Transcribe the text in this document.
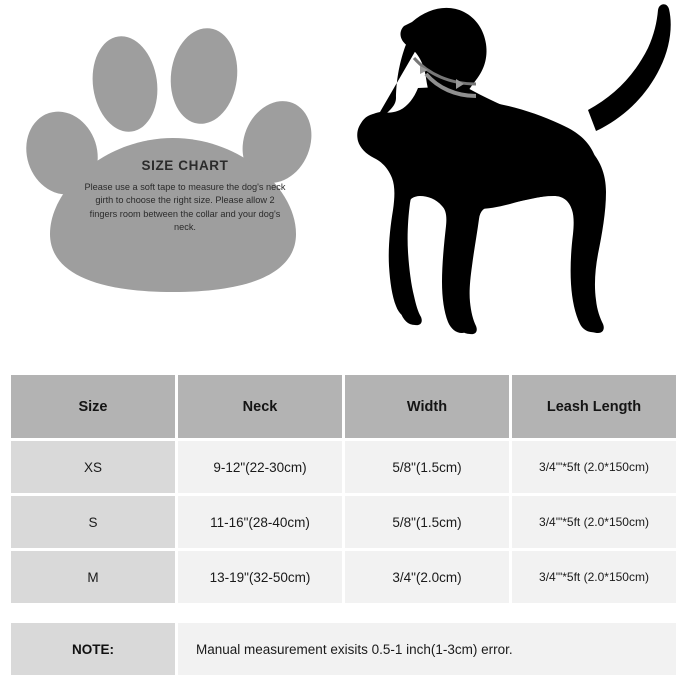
SIZE CHART
Please use a soft tape to measure the dog's neck girth to choose the right size. Please allow 2 fingers room between the collar and your dog's neck.
Size	Neck	Width	Leash Length

XS	9-12"(22-30cm)	5/8"(1.5cm)	3/4'"*5ft (2.0*150cm)

S	11-16"(28-40cm)	5/8"(1.5cm)	3/4'"*5ft (2.0*150cm)

M	13-19"(32-50cm)	3/4"(2.0cm)	3/4'"*5ft (2.0*150cm)

NOTE:	Manual measurement exisits 0.5-1 inch(1-3cm) error.		
